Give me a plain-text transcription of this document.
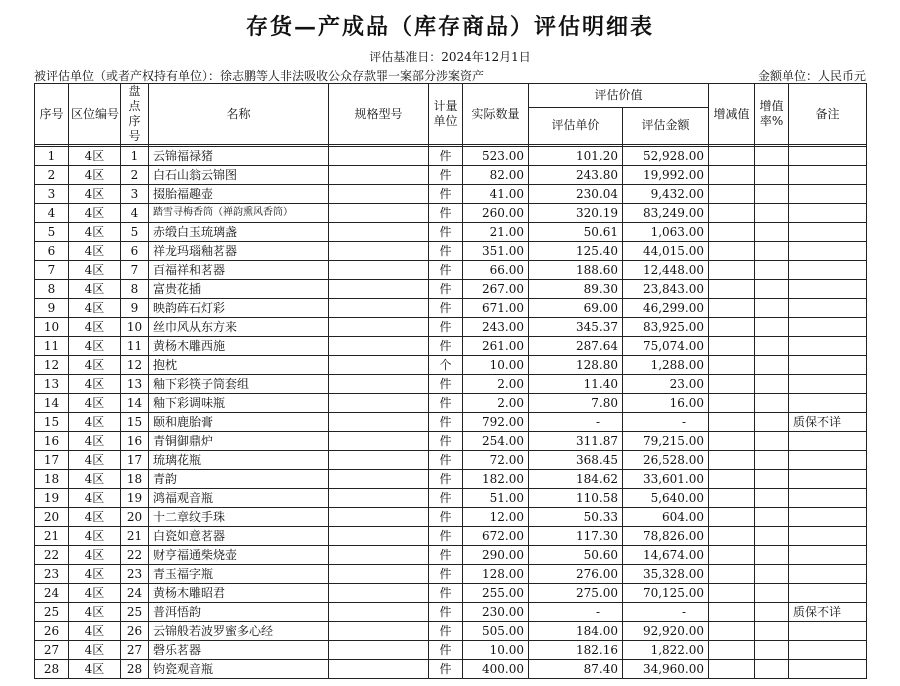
存货—产成品（库存商品）评估明细表
评估基准日：2024年12月1日
被评估单位（或者产权持有单位）：徐志鹏等人非法吸收公众存款罪一案部分涉案资产	金额单位：人民币元
序号	区位编号	盘点序号	名称	规格型号	计量单位	实际数量	评估价值		增减值	增值率%	备注
							评估单价	评估金额			

1	4区	1	云锦福禄猪		件	523.00	101.20	52,928.00			
2	4区	2	白石山翁云锦图		件	82.00	243.80	19,992.00			
3	4区	3	掇胎福趣壶		件	41.00	230.04	9,432.00			
4	4区	4	踏雪寻梅香筒（禅韵熏风香筒）		件	260.00	320.19	83,249.00			
5	4区	5	赤缎白玉琉璃盏		件	21.00	50.61	1,063.00			
6	4区	6	祥龙玛瑙釉茗器		件	351.00	125.40	44,015.00			
7	4区	7	百福祥和茗器		件	66.00	188.60	12,448.00			
8	4区	8	富贵花插		件	267.00	89.30	23,843.00			
9	4区	9	映韵砗石灯彩		件	671.00	69.00	46,299.00			
10	4区	10	丝巾风从东方来		件	243.00	345.37	83,925.00			
11	4区	11	黄杨木雕西施		件	261.00	287.64	75,074.00			
12	4区	12	抱枕		个	10.00	128.80	1,288.00			
13	4区	13	釉下彩筷子筒套组		件	2.00	11.40	23.00			
14	4区	14	釉下彩调味瓶		件	2.00	7.80	16.00			
15	4区	15	颐和鹿胎膏		件	792.00	-	-			质保不详
16	4区	16	青铜御鼎炉		件	254.00	311.87	79,215.00			
17	4区	17	琉璃花瓶		件	72.00	368.45	26,528.00			
18	4区	18	青韵		件	182.00	184.62	33,601.00			
19	4区	19	鸿福观音瓶		件	51.00	110.58	5,640.00			
20	4区	20	十二章纹手珠		件	12.00	50.33	604.00			
21	4区	21	白瓷如意茗器		件	672.00	117.30	78,826.00			
22	4区	22	财亨福通柴烧壶		件	290.00	50.60	14,674.00			
23	4区	23	青玉福字瓶		件	128.00	276.00	35,328.00			
24	4区	24	黄杨木雕昭君		件	255.00	275.00	70,125.00			
25	4区	25	普洱悟韵		件	230.00	-	-			质保不详
26	4区	26	云锦般若波罗蜜多心经		件	505.00	184.00	92,920.00			
27	4区	27	磬乐茗器		件	10.00	182.16	1,822.00			
28	4区	28	钧瓷观音瓶		件	400.00	87.40	34,960.00			
